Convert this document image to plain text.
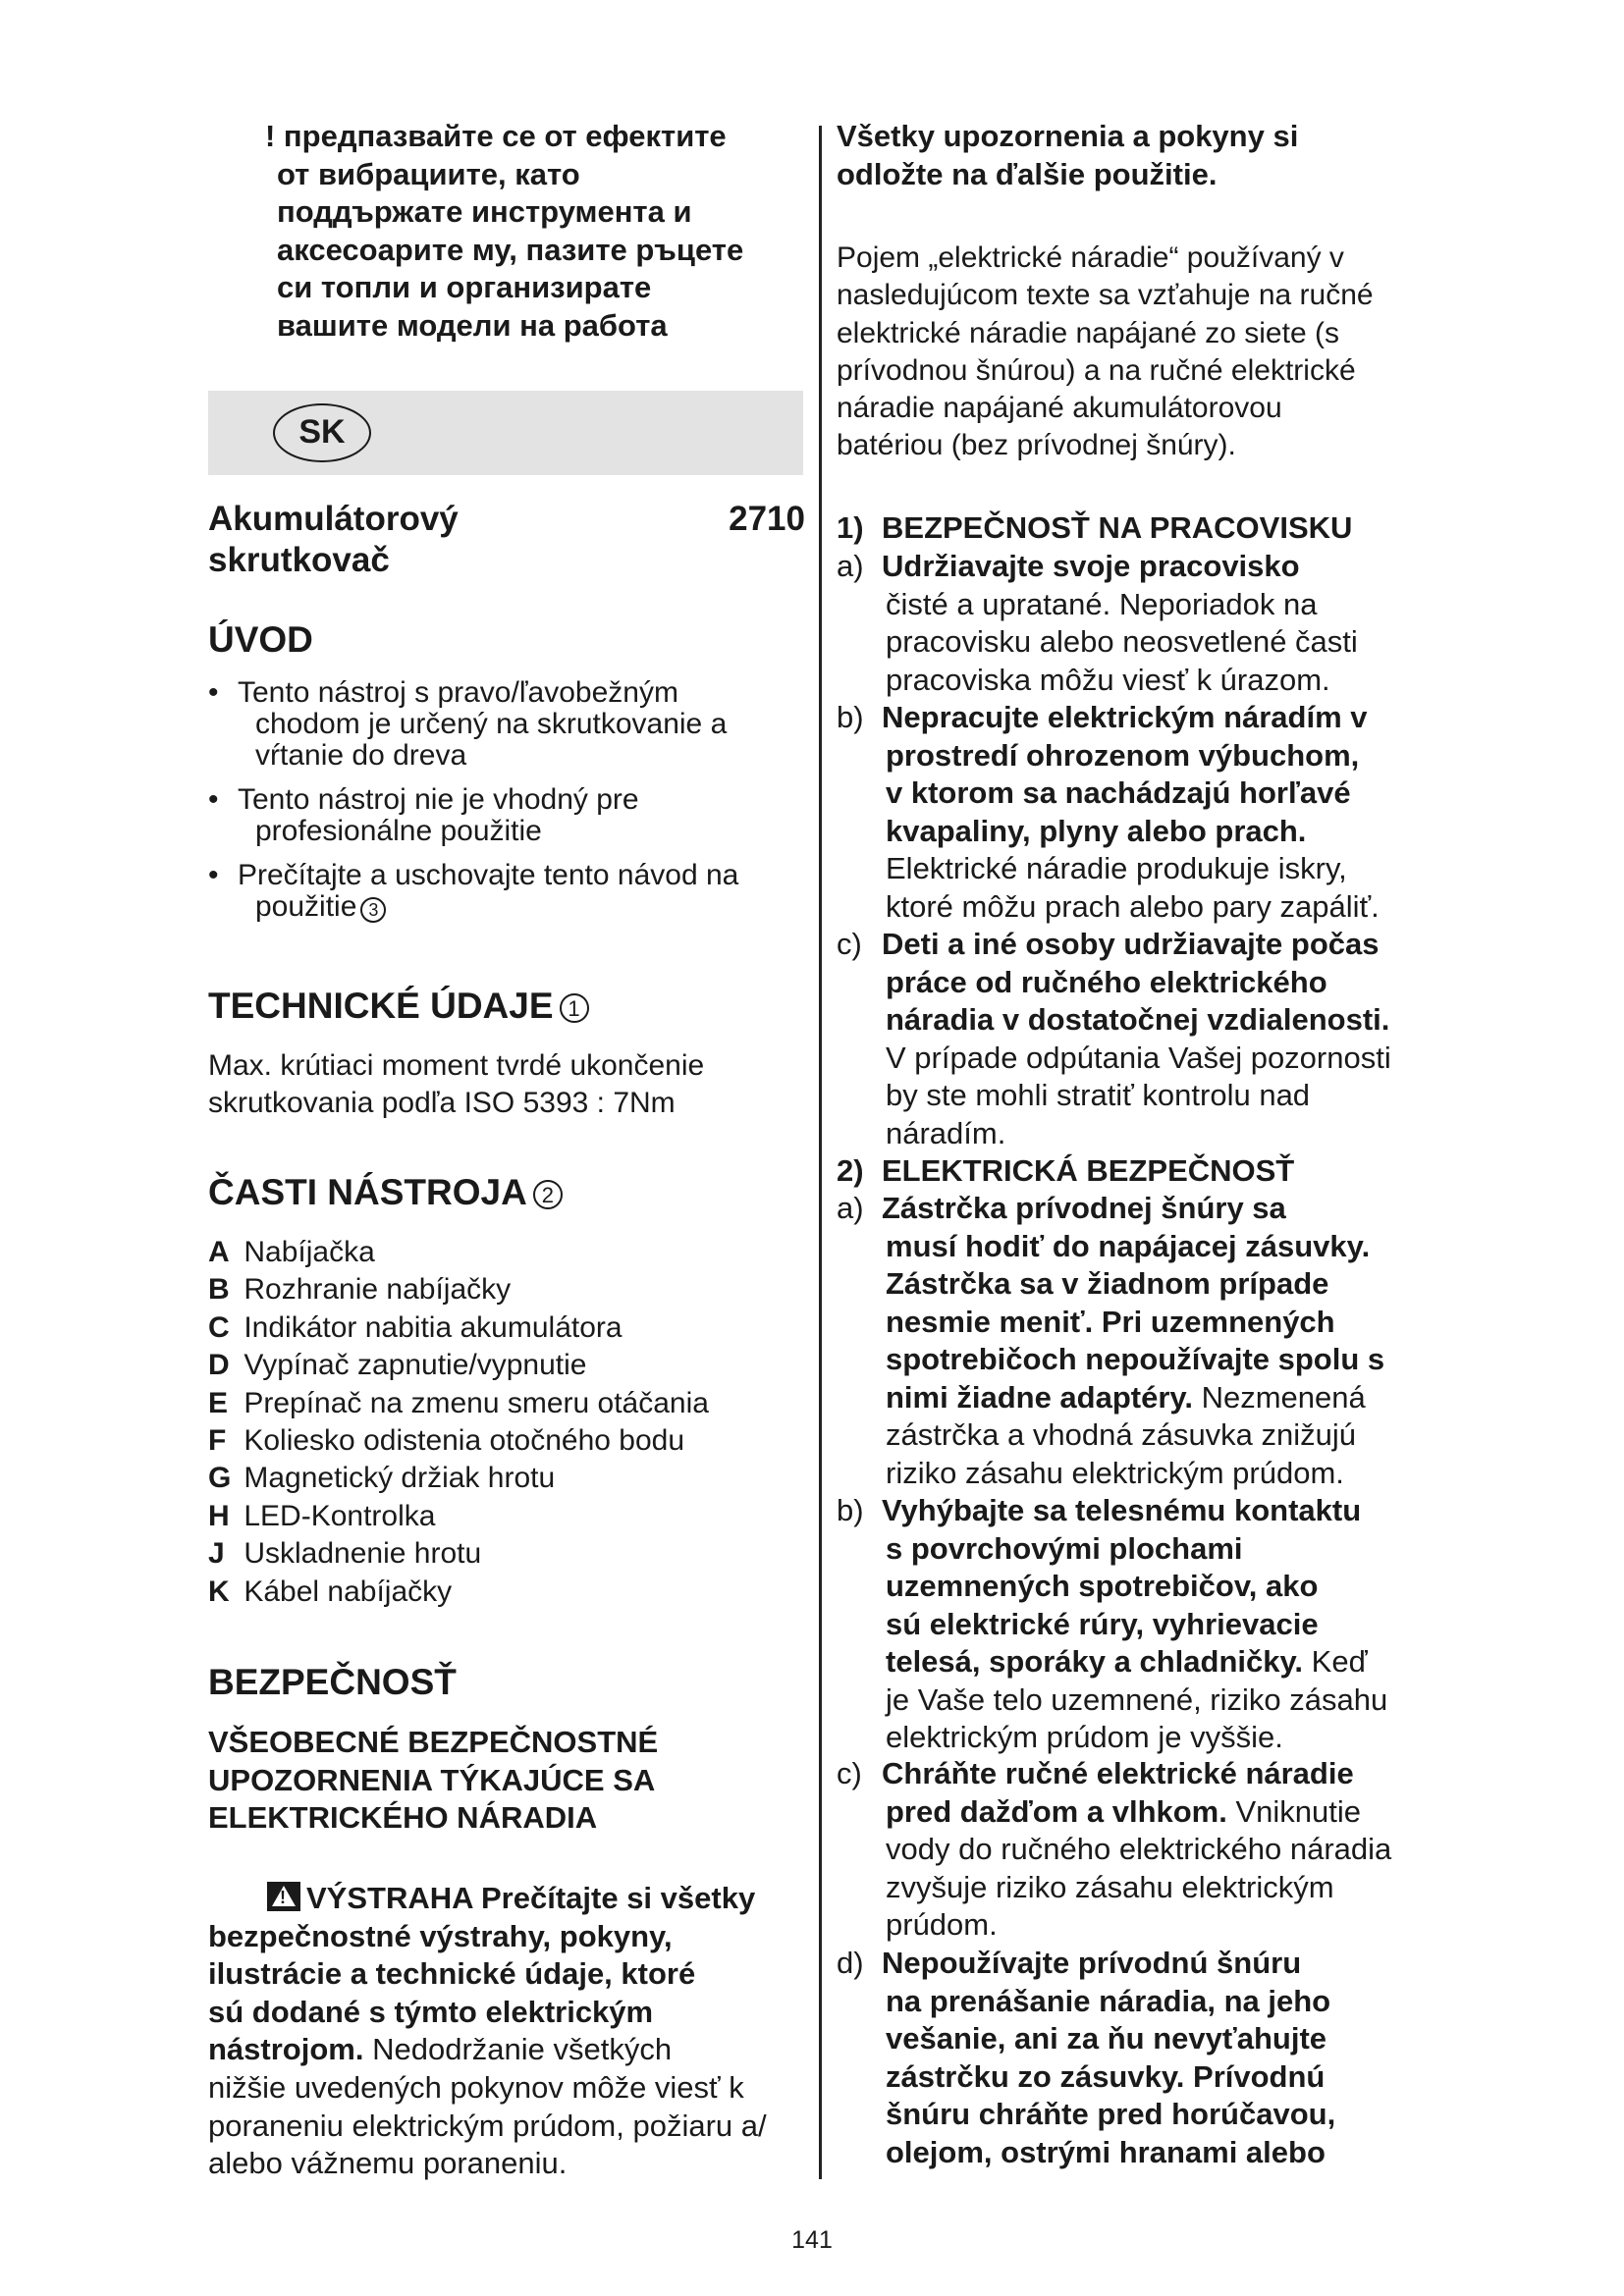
! предпазвайте се от ефектите
от вибрациите, като
поддържате инструмента и
аксесоарите му, пазите ръцете
си топли и организирате
вашите модели на работа
SK
Akumulátorový
skrutkovač
2710
ÚVOD
• Tento nástroj s pravo/ľavobežným
chodom je určený na skrutkovanie a
vŕtanie do dreva
• Tento nástroj nie je vhodný pre
profesionálne použitie
• Prečítajte a uschovajte tento návod na
použitie 3
TECHNICKÉ ÚDAJE 1
Max. krútiaci moment tvrdé ukončenie
skrutkovania podľa ISO 5393 : 7Nm
ČASTI NÁSTROJA 2
A Nabíjačka
B Rozhranie nabíjačky
C Indikátor nabitia akumulátora
D Vypínač zapnutie/vypnutie
E Prepínač na zmenu smeru otáčania
F Koliesko odistenia otočného bodu
G Magnetický držiak hrotu
H LED-Kontrolka
J Uskladnenie hrotu
K Kábel nabíjačky
BEZPEČNOSŤ
VŠEOBECNÉ BEZPEČNOSTNÉ
UPOZORNENIA TÝKAJÚCE SA
ELEKTRICKÉHO NÁRADIA
!VÝSTRAHA Prečítajte si všetky
bezpečnostné výstrahy, pokyny,
ilustrácie a technické údaje, ktoré
sú dodané s týmto elektrickým
nástrojom. Nedodržanie všetkých
nižšie uvedených pokynov môže viesť k
poraneniu elektrickým prúdom, požiaru a/
alebo vážnemu poraneniu.
Všetky upozornenia a pokyny si
odložte na ďalšie použitie.
Pojem „elektrické náradie“ používaný v
nasledujúcom texte sa vzťahuje na ručné
elektrické náradie napájané zo siete (s
prívodnou šnúrou) a na ručné elektrické
náradie napájané akumulátorovou
batériou (bez prívodnej šnúry).
1) BEZPEČNOSŤ NA PRACOVISKU
a) Udržiavajte svoje pracovisko
čisté a upratané. Neporiadok na
pracovisku alebo neosvetlené časti
pracoviska môžu viesť k úrazom.
b) Nepracujte elektrickým náradím v
prostredí ohrozenom výbuchom,
v ktorom sa nachádzajú horľavé
kvapaliny, plyny alebo prach.
Elektrické náradie produkuje iskry,
ktoré môžu prach alebo pary zapáliť.
c) Deti a iné osoby udržiavajte počas
práce od ručného elektrického
náradia v dostatočnej vzdialenosti.
V prípade odpútania Vašej pozornosti
by ste mohli stratiť kontrolu nad
náradím.
2) ELEKTRICKÁ BEZPEČNOSŤ
a) Zástrčka prívodnej šnúry sa
musí hodiť do napájacej zásuvky.
Zástrčka sa v žiadnom prípade
nesmie meniť. Pri uzemnených
spotrebičoch nepoužívajte spolu s
nimi žiadne adaptéry. Nezmenená
zástrčka a vhodná zásuvka znižujú
riziko zásahu elektrickým prúdom.
b) Vyhýbajte sa telesnému kontaktu
s povrchovými plochami
uzemnených spotrebičov, ako
sú elektrické rúry, vyhrievacie
telesá, sporáky a chladničky. Keď
je Vaše telo uzemnené, riziko zásahu
elektrickým prúdom je vyššie.
c) Chráňte ručné elektrické náradie
pred dažďom a vlhkom. Vniknutie
vody do ručného elektrického náradia
zvyšuje riziko zásahu elektrickým
prúdom.
d) Nepoužívajte prívodnú šnúru
na prenášanie náradia, na jeho
vešanie, ani za ňu nevyťahujte
zástrčku zo zásuvky. Prívodnú
šnúru chráňte pred horúčavou,
olejom, ostrými hranami alebo
141
